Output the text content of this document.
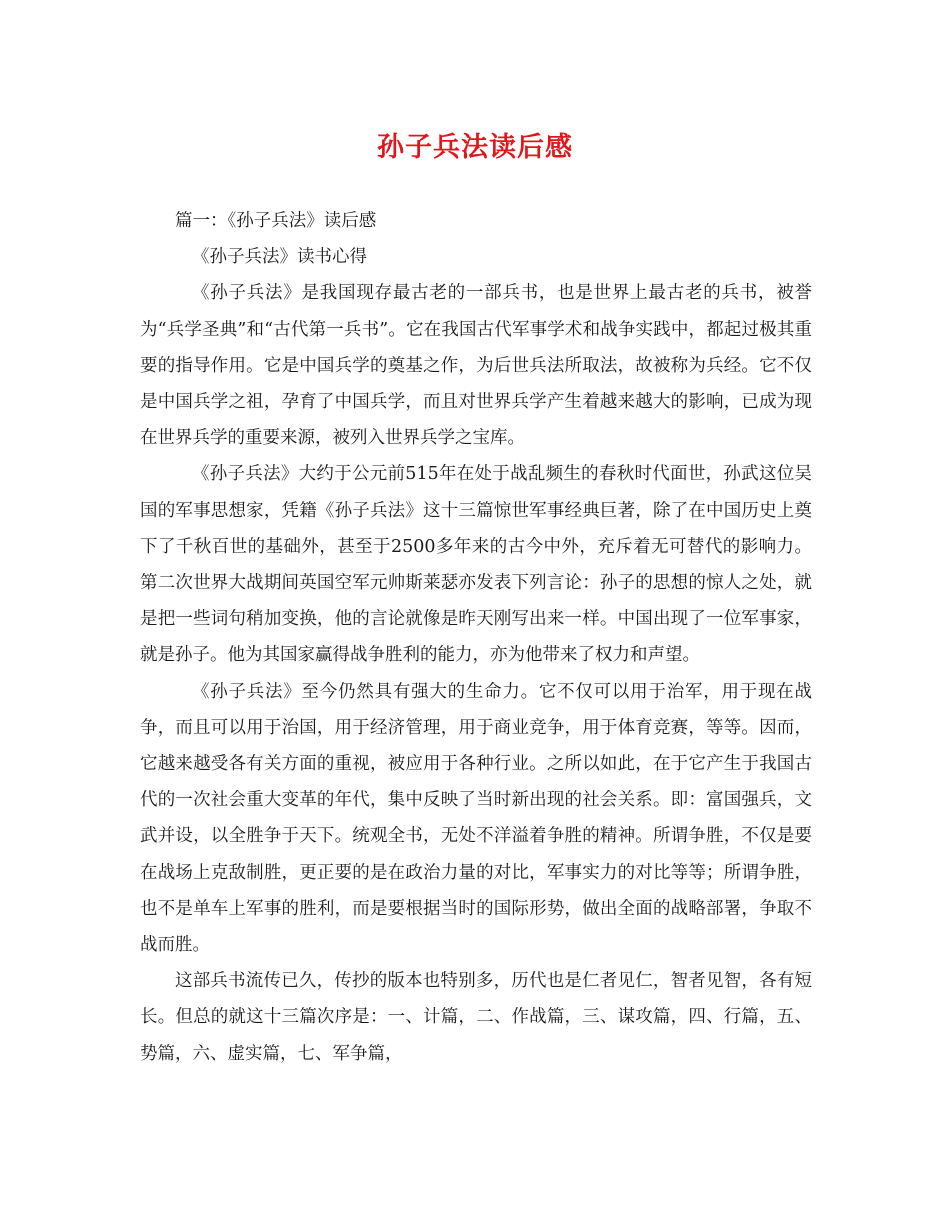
孙子兵法读后感

篇一：《孙子兵法》读后感

《孙子兵法》读书心得

《孙子兵法》是我国现存最古老的一部兵书，也是世界上最古老的兵书，被誉为“兵学圣典”和“古代第一兵书”。它在我国古代军事学术和战争实践中，都起过极其重要的指导作用。它是中国兵学的奠基之作，为后世兵法所取法，故被称为兵经。它不仅是中国兵学之祖，孕育了中国兵学，而且对世界兵学产生着越来越大的影响，已成为现在世界兵学的重要来源，被列入世界兵学之宝库。

《孙子兵法》大约于公元前515年在处于战乱频生的春秋时代面世，孙武这位吴国的军事思想家，凭籍《孙子兵法》这十三篇惊世军事经典巨著，除了在中国历史上奠下了千秋百世的基础外，甚至于2500多年来的古今中外，充斥着无可替代的影响力。第二次世界大战期间英国空军元帅斯莱瑟亦发表下列言论：孙子的思想的惊人之处，就是把一些词句稍加变换，他的言论就像是昨天刚写出来一样。中国出现了一位军事家，就是孙子。他为其国家赢得战争胜利的能力，亦为他带来了权力和声望。

《孙子兵法》至今仍然具有强大的生命力。它不仅可以用于治军，用于现在战争，而且可以用于治国，用于经济管理，用于商业竞争，用于体育竞赛，等等。因而，它越来越受各有关方面的重视，被应用于各种行业。之所以如此，在于它产生于我国古代的一次社会重大变革的年代，集中反映了当时新出现的社会关系。即：富国强兵，文武并设，以全胜争于天下。统观全书，无处不洋溢着争胜的精神。所谓争胜，不仅是要在战场上克敌制胜，更正要的是在政治力量的对比，军事实力的对比等等；所谓争胜，也不是单车上军事的胜利，而是要根据当时的国际形势，做出全面的战略部署，争取不战而胜。

这部兵书流传已久，传抄的版本也特别多，历代也是仁者见仁，智者见智，各有短长。但总的就这十三篇次序是：一、计篇，二、作战篇，三、谋攻篇，四、行篇，五、势篇，六、虚实篇，七、军争篇，
